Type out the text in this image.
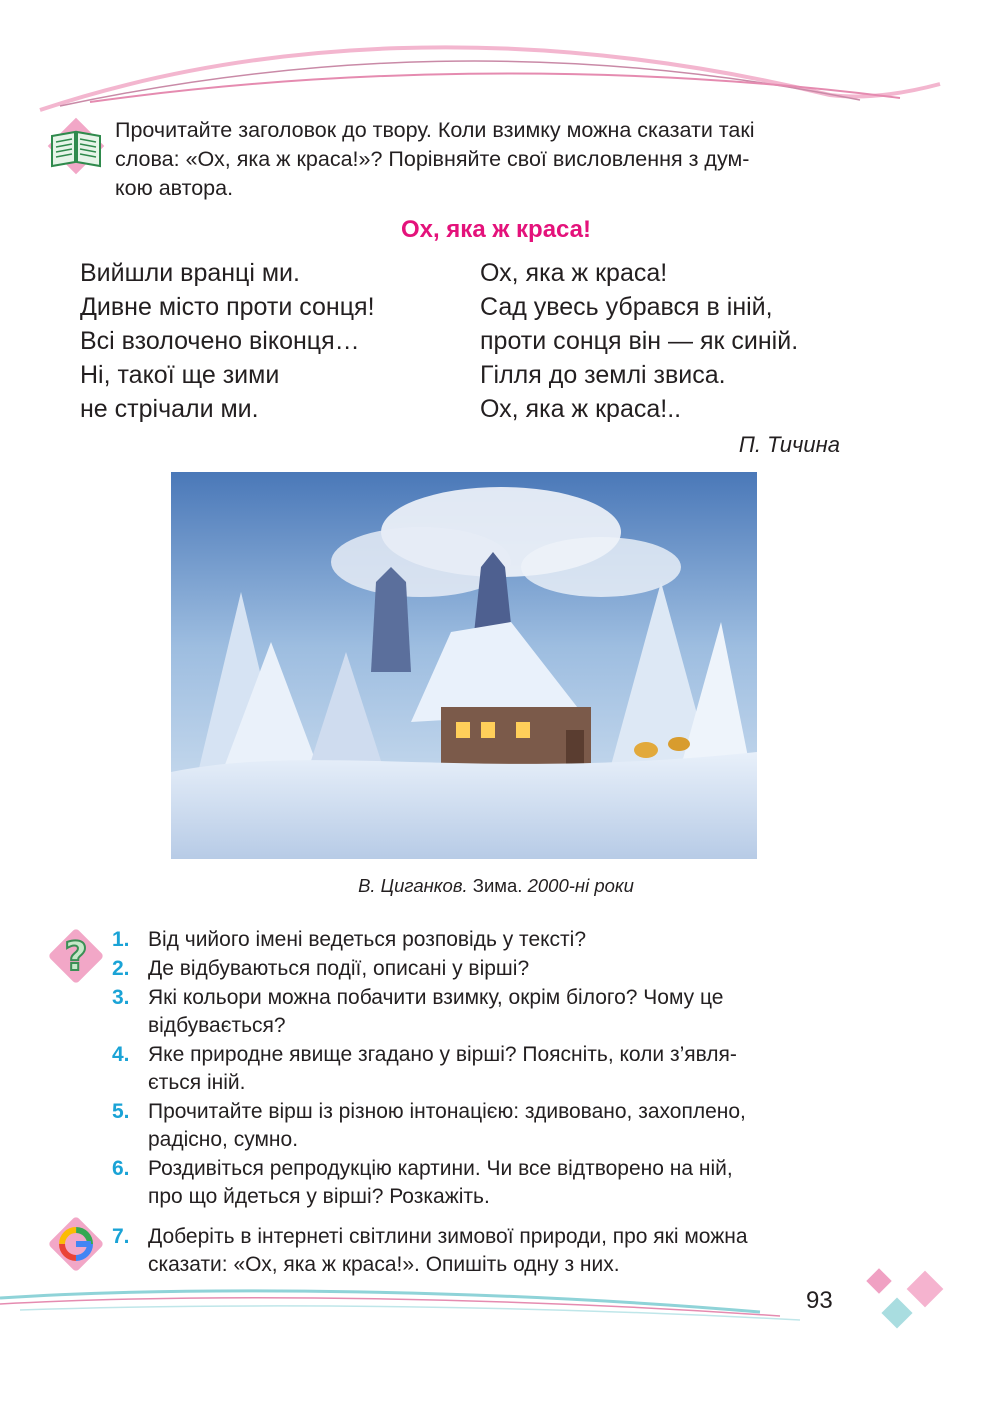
Прочитайте заголовок до твору. Коли взимку можна сказати такі
слова: «Ох, яка ж краса!»? Порівняйте свої висловлення з дум-
кою автора.
Ох, яка ж краса!
Вийшли вранці ми.
Дивне місто проти сонця!
Всі взолочено віконця…
Ні, такої ще зими
не стрічали ми.
Ох, яка ж краса!
Сад увесь убрався в іній,
проти сонця він — як синій.
Гілля до землі звиса.
Ох, яка ж краса!..
П. Тичина
В. Циганков. Зима. 2000-ні роки
? 1. Від чийого імені ведеться розповідь у тексті?
2. Де відбуваються події, описані у вірші?
3. Які кольори можна побачити взимку, окрім білого? Чому це
відбувається?
4. Яке природне явище згадано у вірші? Поясніть, коли з’явля-
ється іній.
5. Прочитайте вірш із різною інтонацією: здивовано, захоплено,
радісно, сумно.
6. Роздивіться репродукцію картини. Чи все відтворено на ній,
про що йдеться у вірші? Розкажіть.
7. Доберіть в інтернеті світлини зимової природи, про які можна
сказати: «Ох, яка ж краса!». Опишіть одну з них.
93
